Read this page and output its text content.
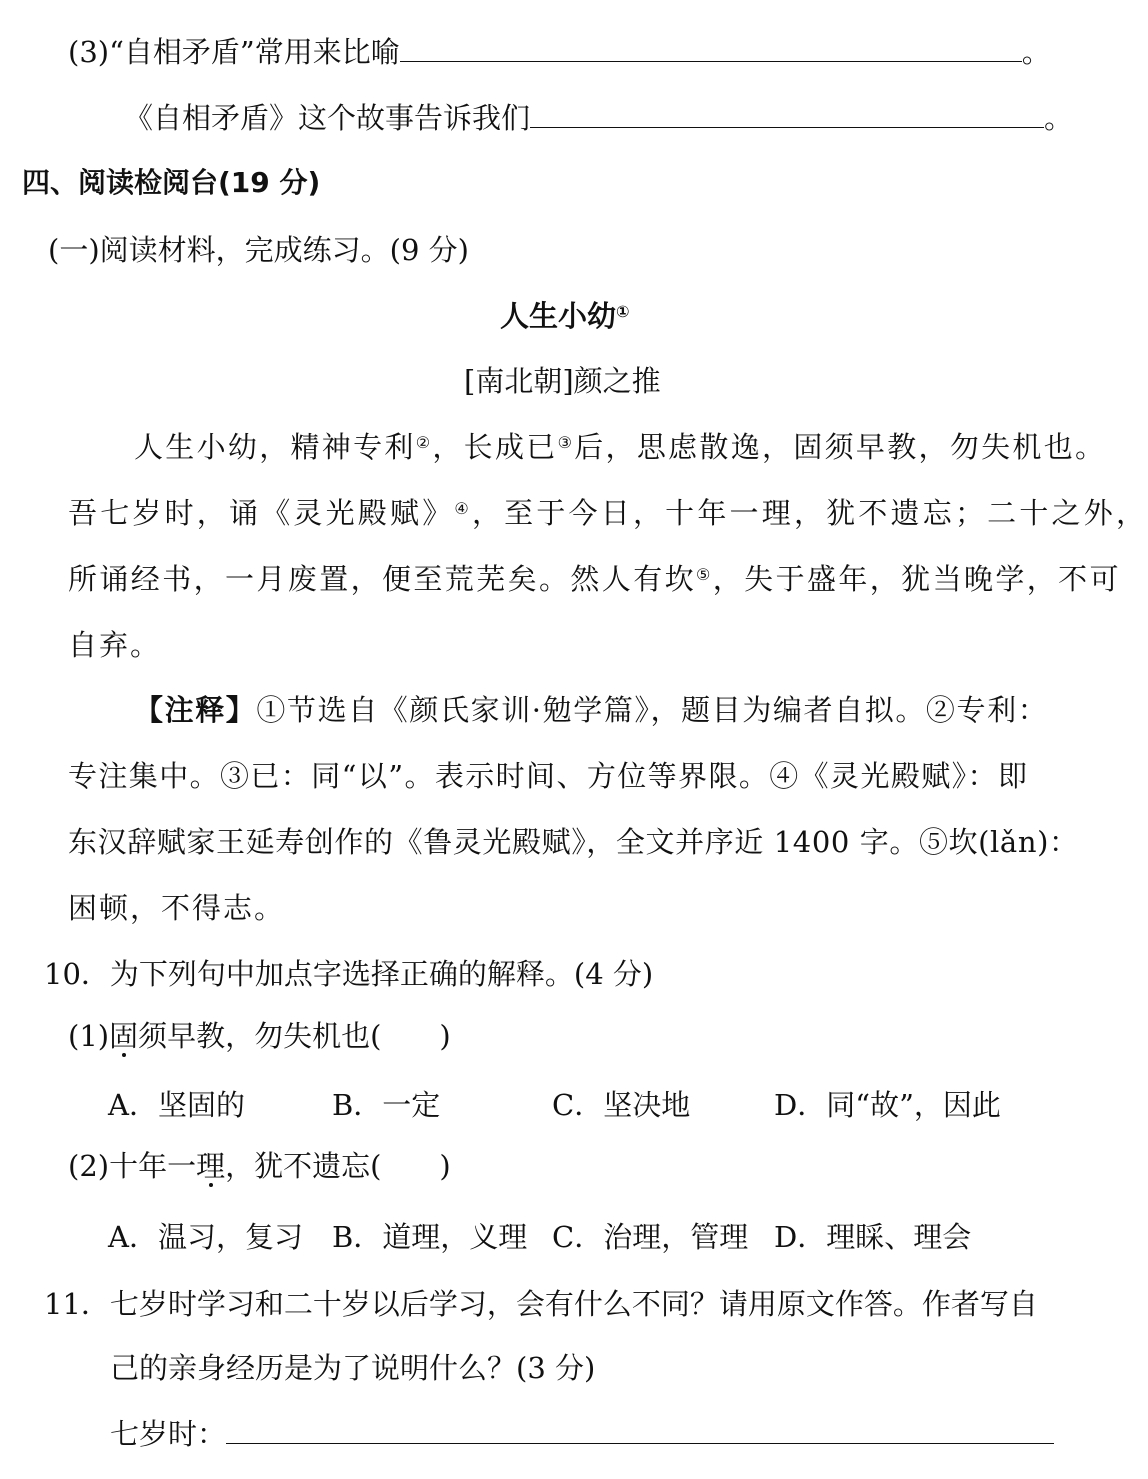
(3)“自相矛盾”常用来比喻	。
《自相矛盾》这个故事告诉我们	。
四、阅读检阅台(19 分)
(一)阅读材料，完成练习。(9 分)
人生小幼①
[南北朝]颜之推
人生小幼，精神专利②，长成已③后，思虑散逸，固须早教，勿失机也。
吾七岁时，诵《灵光殿赋》④，至于今日，十年一理，犹不遗忘；二十之外，
所诵经书，一月废置，便至荒芜矣。然人有坎⑤，失于盛年，犹当晚学，不可
自弃。
【注释】①节选自《颜氏家训·勉学篇》，题目为编者自拟。②专利：
专注集中。③已：同“以”。表示时间、方位等界限。④《灵光殿赋》：即
东汉辞赋家王延寿创作的《鲁灵光殿赋》，全文并序近 1400 字。⑤坎(lǎn)：
困顿，不得志。
10．为下列句中加点字选择正确的解释。(4 分)
(1)固须早教，勿失机也(　　)
A．坚固的	B．一定	C．坚决地	D．同“故”，因此
(2)十年一理，犹不遗忘(　　)
A．温习，复习 B．道理，义理 C．治理，管理 D．理睬、理会
11．七岁时学习和二十岁以后学习，会有什么不同？请用原文作答。作者写自
己的亲身经历是为了说明什么？(3 分)
七岁时：
